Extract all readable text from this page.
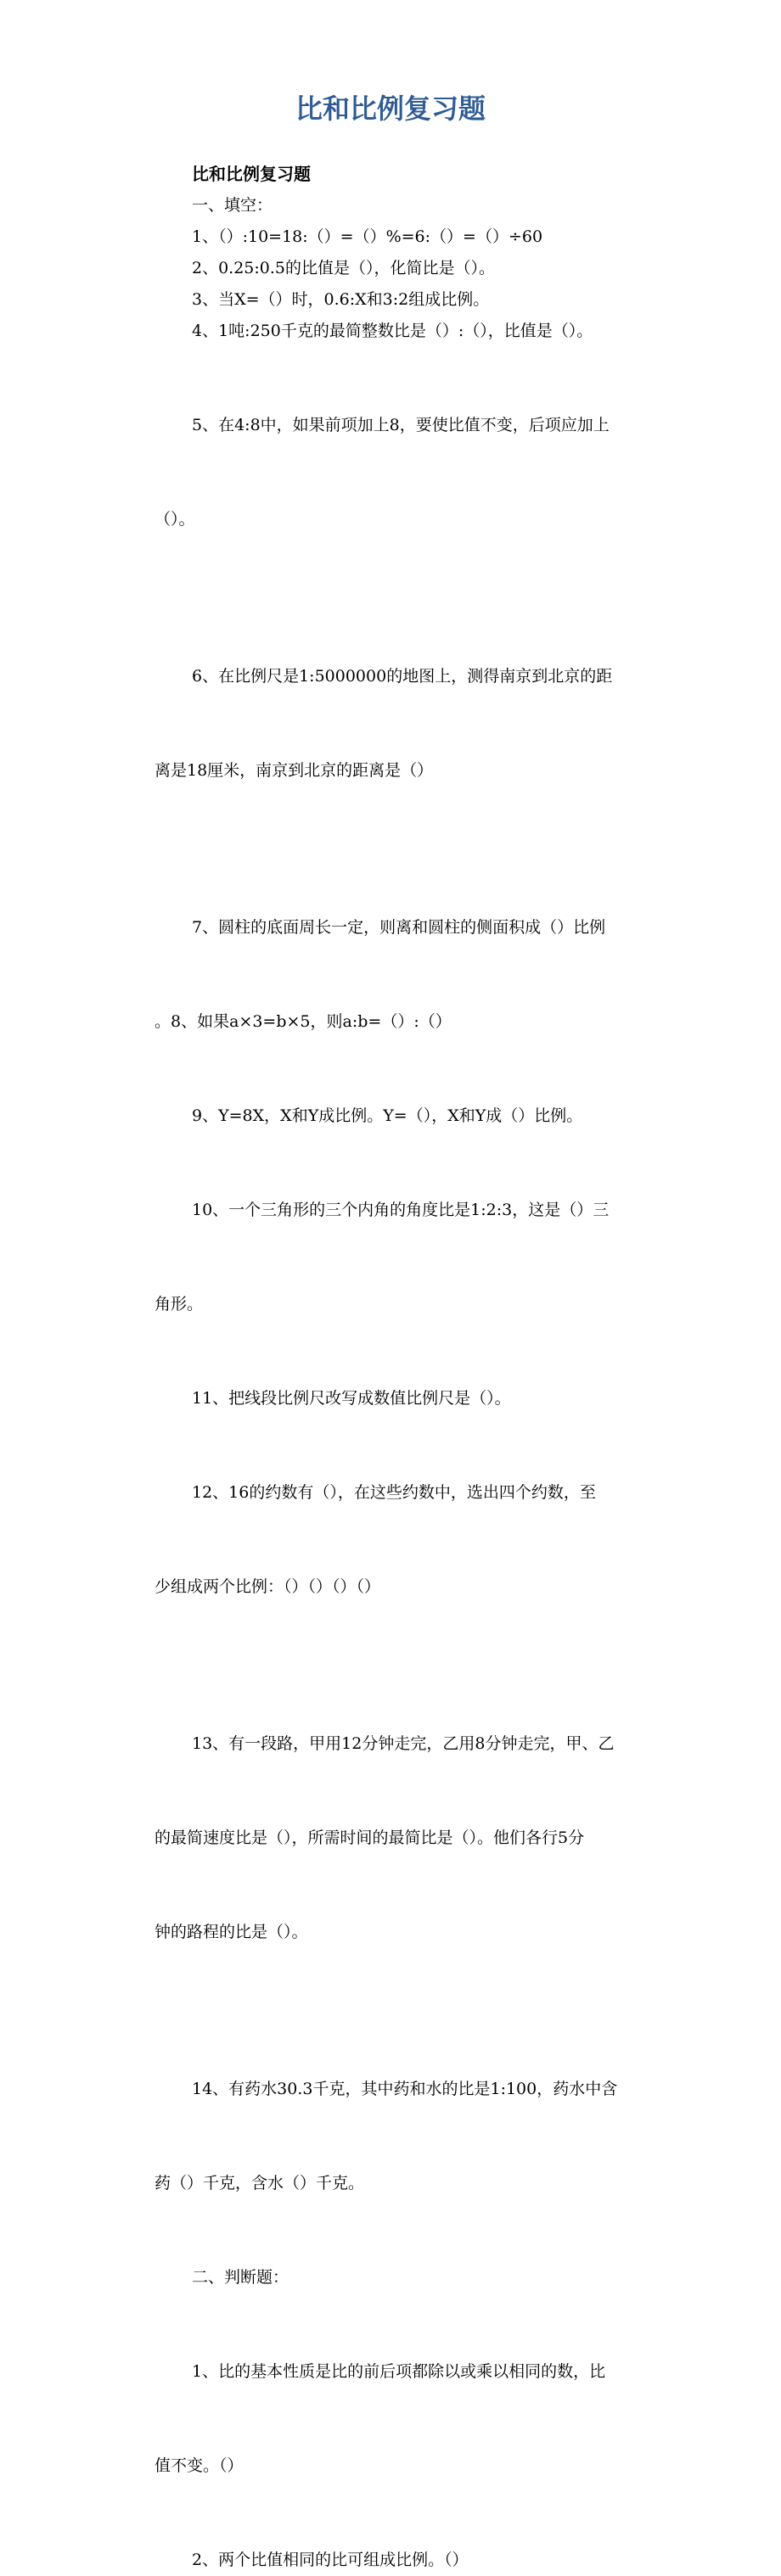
比和比例复习题

比和比例复习题

一、填空：

1、（）:10=18:（）=（）%=6:（）=（）÷60

2、0.25:0.5的比值是（），化简比是（）。

3、当X=（）时，0.6:X和3:2组成比例。

4、1吨:250千克的最简整数比是（）:（），比值是（）。

5、在4:8中，如果前项加上8，要使比值不变，后项应加上

（）。

6、在比例尺是1:5000000的地图上，测得南京到北京的距

离是18厘米，南京到北京的距离是（）

7、圆柱的底面周长一定，则离和圆柱的侧面积成（）比例

。8、如果a×3=b×5，则a:b=（）:（）

9、Y=8X，X和Y成比例。Y=（），X和Y成（）比例。

10、一个三角形的三个内角的角度比是1:2:3，这是（）三

角形。

11、把线段比例尺改写成数值比例尺是（）。

12、16的约数有（），在这些约数中，选出四个约数，至

少组成两个比例：（）（）（）（）

13、有一段路，甲用12分钟走完，乙用8分钟走完，甲、乙

的最简速度比是（），所需时间的最简比是（）。他们各行5分

钟的路程的比是（）。

14、有药水30.3千克，其中药和水的比是1:100，药水中含

药（）千克，含水（）千克。

二、判断题：

1、比的基本性质是比的前后项都除以或乘以相同的数，比

值不变。（）

2、两个比值相同的比可组成比例。（）
